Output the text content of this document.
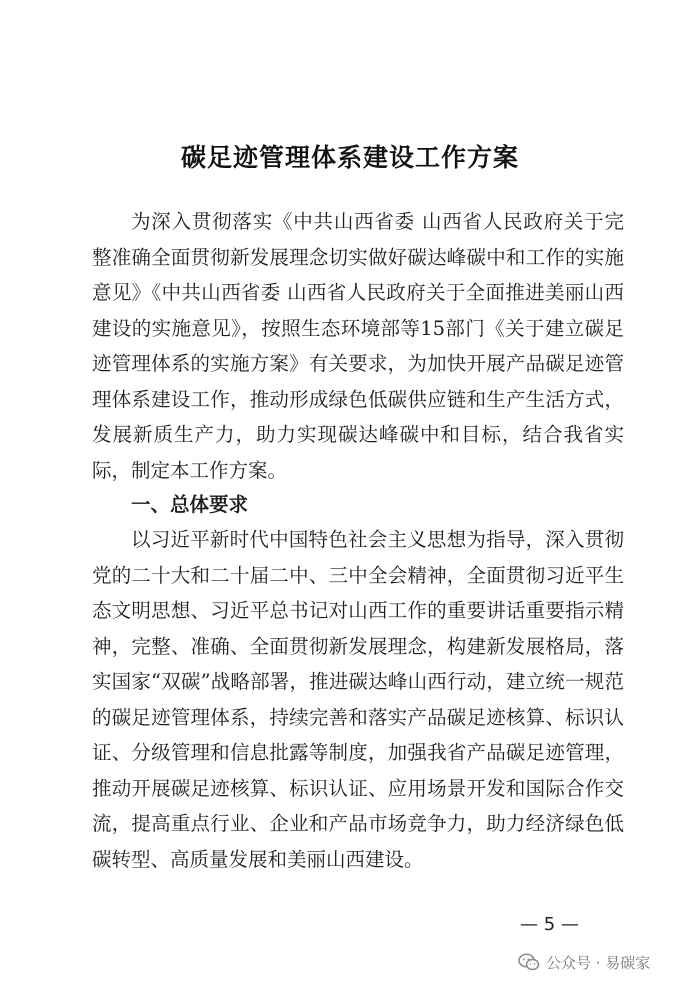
碳足迹管理体系建设工作方案
为深入贯彻落实《中共山西省委 山西省人民政府关于完整准确全面贯彻新发展理念切实做好碳达峰碳中和工作的实施意见》《中共山西省委 山西省人民政府关于全面推进美丽山西建设的实施意见》，按照生态环境部等15部门《关于建立碳足迹管理体系的实施方案》有关要求，为加快开展产品碳足迹管理体系建设工作，推动形成绿色低碳供应链和生产生活方式，发展新质生产力，助力实现碳达峰碳中和目标，结合我省实际，制定本工作方案。
一、总体要求
以习近平新时代中国特色社会主义思想为指导，深入贯彻党的二十大和二十届二中、三中全会精神，全面贯彻习近平生态文明思想、习近平总书记对山西工作的重要讲话重要指示精神，完整、准确、全面贯彻新发展理念，构建新发展格局，落实国家“双碳”战略部署，推进碳达峰山西行动，建立统一规范的碳足迹管理体系，持续完善和落实产品碳足迹核算、标识认证、分级管理和信息批露等制度，加强我省产品碳足迹管理，推动开展碳足迹核算、标识认证、应用场景开发和国际合作交流，提高重点行业、企业和产品市场竞争力，助力经济绿色低碳转型、高质量发展和美丽山西建设。
— 5 —
公众号 · 易碳家
